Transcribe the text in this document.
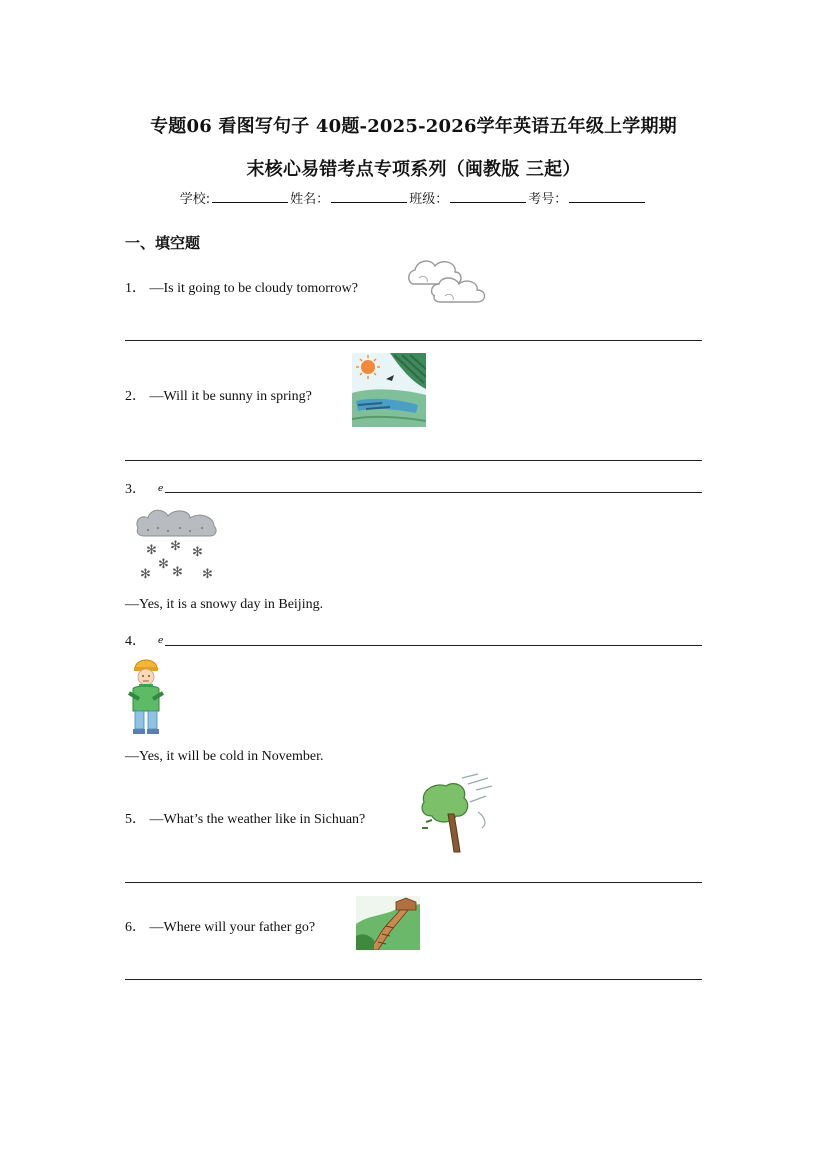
专题06 看图写句子 40题-2025-2026学年英语五年级上学期期
末核心易错考点专项系列（闽教版 三起）
学校:	姓名：	班级：	考号：
一、填空题
1． —Is it going to be cloudy tomorrow?
2． —Will it be sunny in spring?
3． e
✻ ✻ ✻
✻
✻ ✻ ✻
—Yes, it is a snowy day in Beijing.
4． e
—Yes, it will be cold in November.
5． —What’s the weather like in Sichuan?
6． —Where will your father go?
